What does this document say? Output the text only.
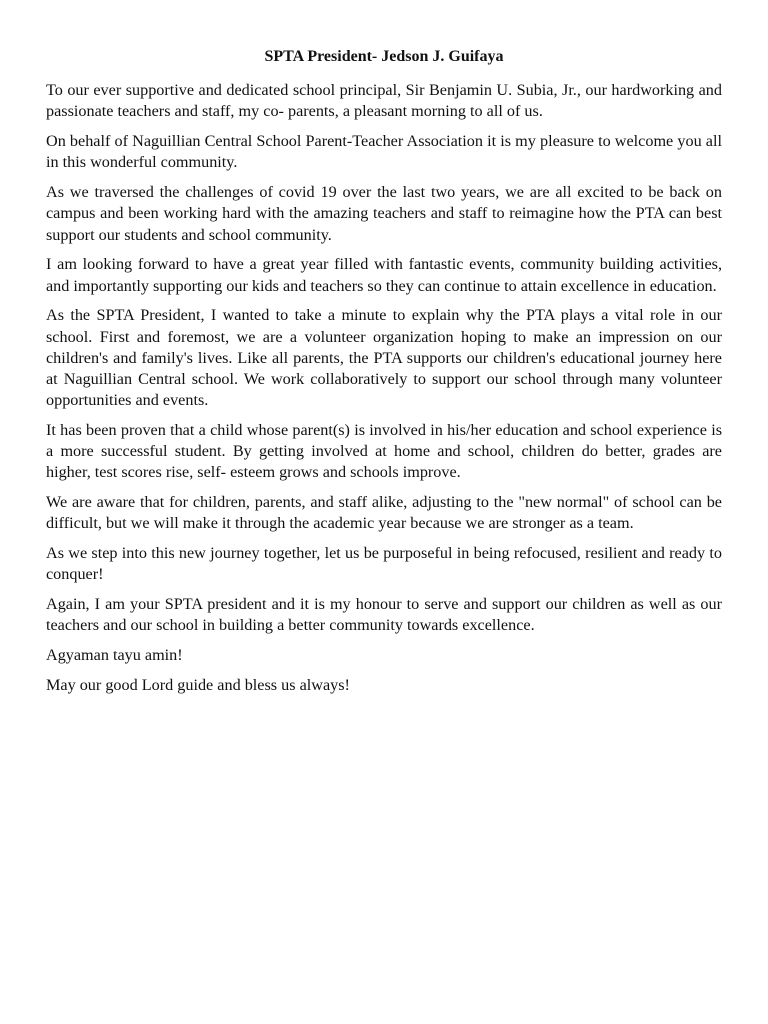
SPTA President- Jedson J. Guifaya

To our ever supportive and dedicated school principal, Sir Benjamin U. Subia, Jr., our hardworking and passionate teachers and staff, my co- parents, a pleasant morning to all of us.

On behalf of Naguillian Central School Parent-Teacher Association it is my pleasure to welcome you all in this wonderful community.

As we traversed the challenges of covid 19 over the last two years, we are all excited to be back on campus and been working hard with the amazing teachers and staff to reimagine how the PTA can best support our students and school community.

I am looking forward to have a great year filled with fantastic events, community building activities, and importantly supporting our kids and teachers so they can continue to attain excellence in education.

As the SPTA President, I wanted to take a minute to explain why the PTA plays a vital role in our school. First and foremost, we are a volunteer organization hoping to make an impression on our children's and family's lives. Like all parents, the PTA supports our children's educational journey here at Naguillian Central school. We work collaboratively to support our school through many volunteer opportunities and events.

It has been proven that a child whose parent(s) is involved in his/her education and school experience is a more successful student. By getting involved at home and school, children do better, grades are higher, test scores rise, self- esteem grows and schools improve.

We are aware that for children, parents, and staff alike, adjusting to the "new normal" of school can be difficult, but we will make it through the academic year because we are stronger as a team.

As we step into this new journey together, let us be purposeful in being refocused, resilient and ready to conquer!

Again, I am your SPTA president and it is my honour to serve and support our children as well as our teachers and our school in building a better community towards excellence.

Agyaman tayu amin!

May our good Lord guide and bless us always!
